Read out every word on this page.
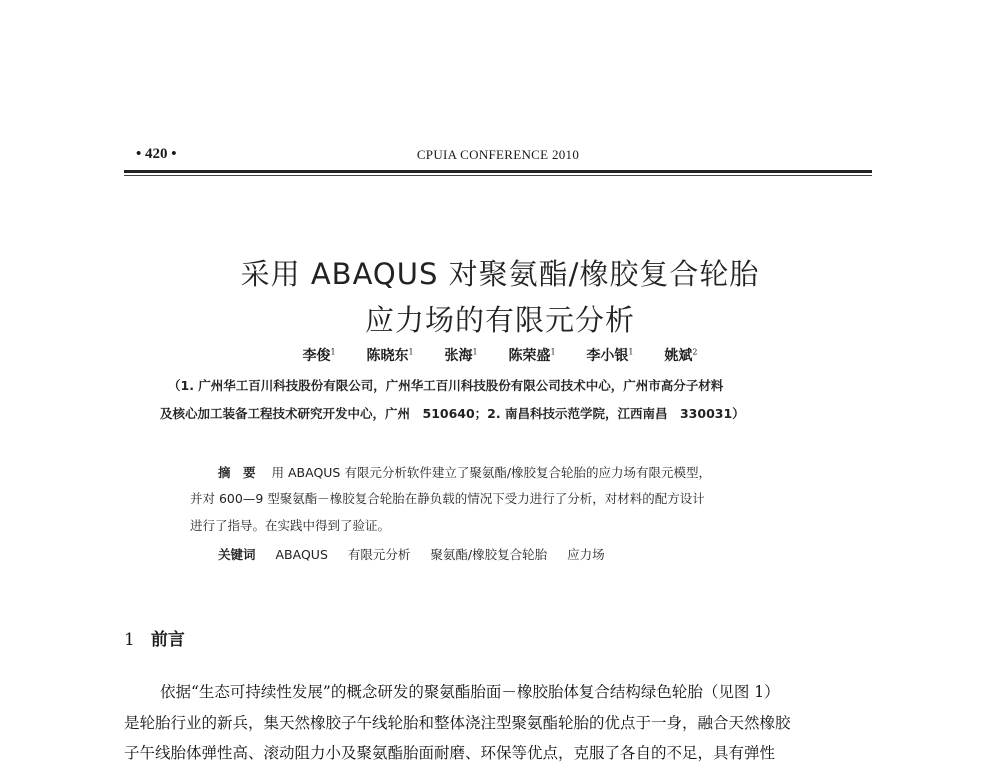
• 420 •	CPUIA CONFERENCE 2010
采用 ABAQUS 对聚氨酯/橡胶复合轮胎
应力场的有限元分析
李俊$^1$ 陈晓东$^1$ 张海$^1$ 陈荣盛$^1$ 李小银$^1$ 姚斌$^2$
（1. 广州华工百川科技股份有限公司，广州华工百川科技股份有限公司技术中心，广州市高分子材料
及核心加工装备工程技术研究开发中心，广州　510640；2. 南昌科技示范学院，江西南昌　330031）
摘　要 用 ABAQUS 有限元分析软件建立了聚氨酯/橡胶复合轮胎的应力场有限元模型，
并对 600—9 型聚氨酯－橡胶复合轮胎在静负载的情况下受力进行了分析，对材料的配方设计
进行了指导。在实践中得到了验证。
关键词 ABAQUS 有限元分析 聚氨酯/橡胶复合轮胎 应力场
1 前言
依据“生态可持续性发展”的概念研发的聚氨酯胎面－橡胶胎体复合结构绿色轮胎（见图 1）
是轮胎行业的新兵，集天然橡胶子午线轮胎和整体浇注型聚氨酯轮胎的优点于一身，融合天然橡胶
子午线胎体弹性高、滚动阻力小及聚氨酯胎面耐磨、环保等优点，克服了各自的不足，具有弹性
